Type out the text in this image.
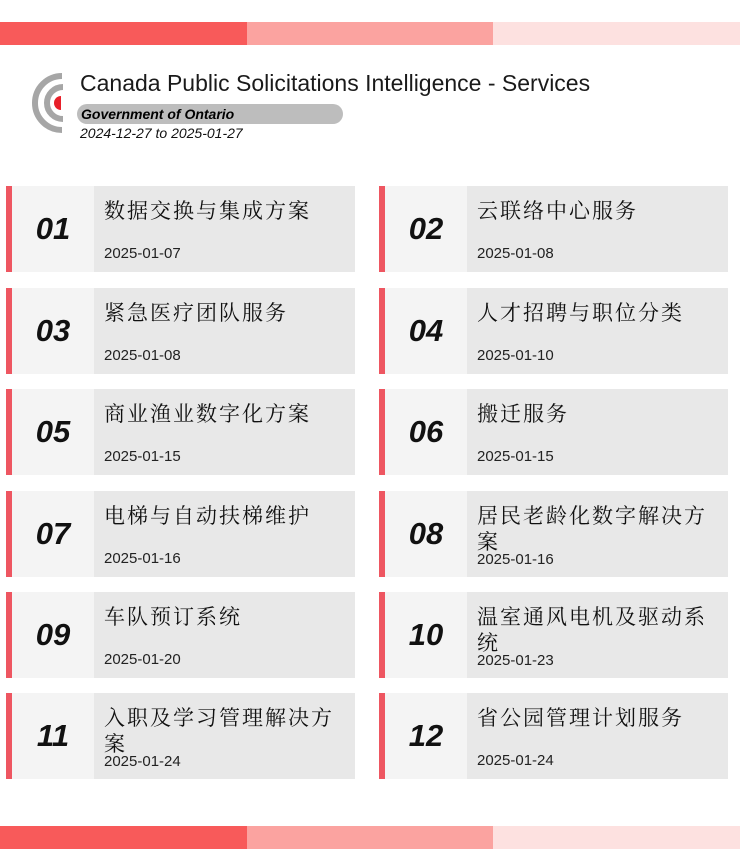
Canada Public Solicitations Intelligence - Services
Government of Ontario
2024-12-27 to 2025-01-27
01	数据交换与集成方案
2025-01-07
02	云联络中心服务
2025-01-08
03	紧急医疗团队服务
2025-01-08
04	人才招聘与职位分类
2025-01-10
05	商业渔业数字化方案
2025-01-15
06	搬迁服务
2025-01-15
07	电梯与自动扶梯维护
2025-01-16
08	居民老龄化数字解决方案
2025-01-16
09	车队预订系统
2025-01-20
10	温室通风电机及驱动系统
2025-01-23
11	入职及学习管理解决方案
2025-01-24
12	省公园管理计划服务
2025-01-24
